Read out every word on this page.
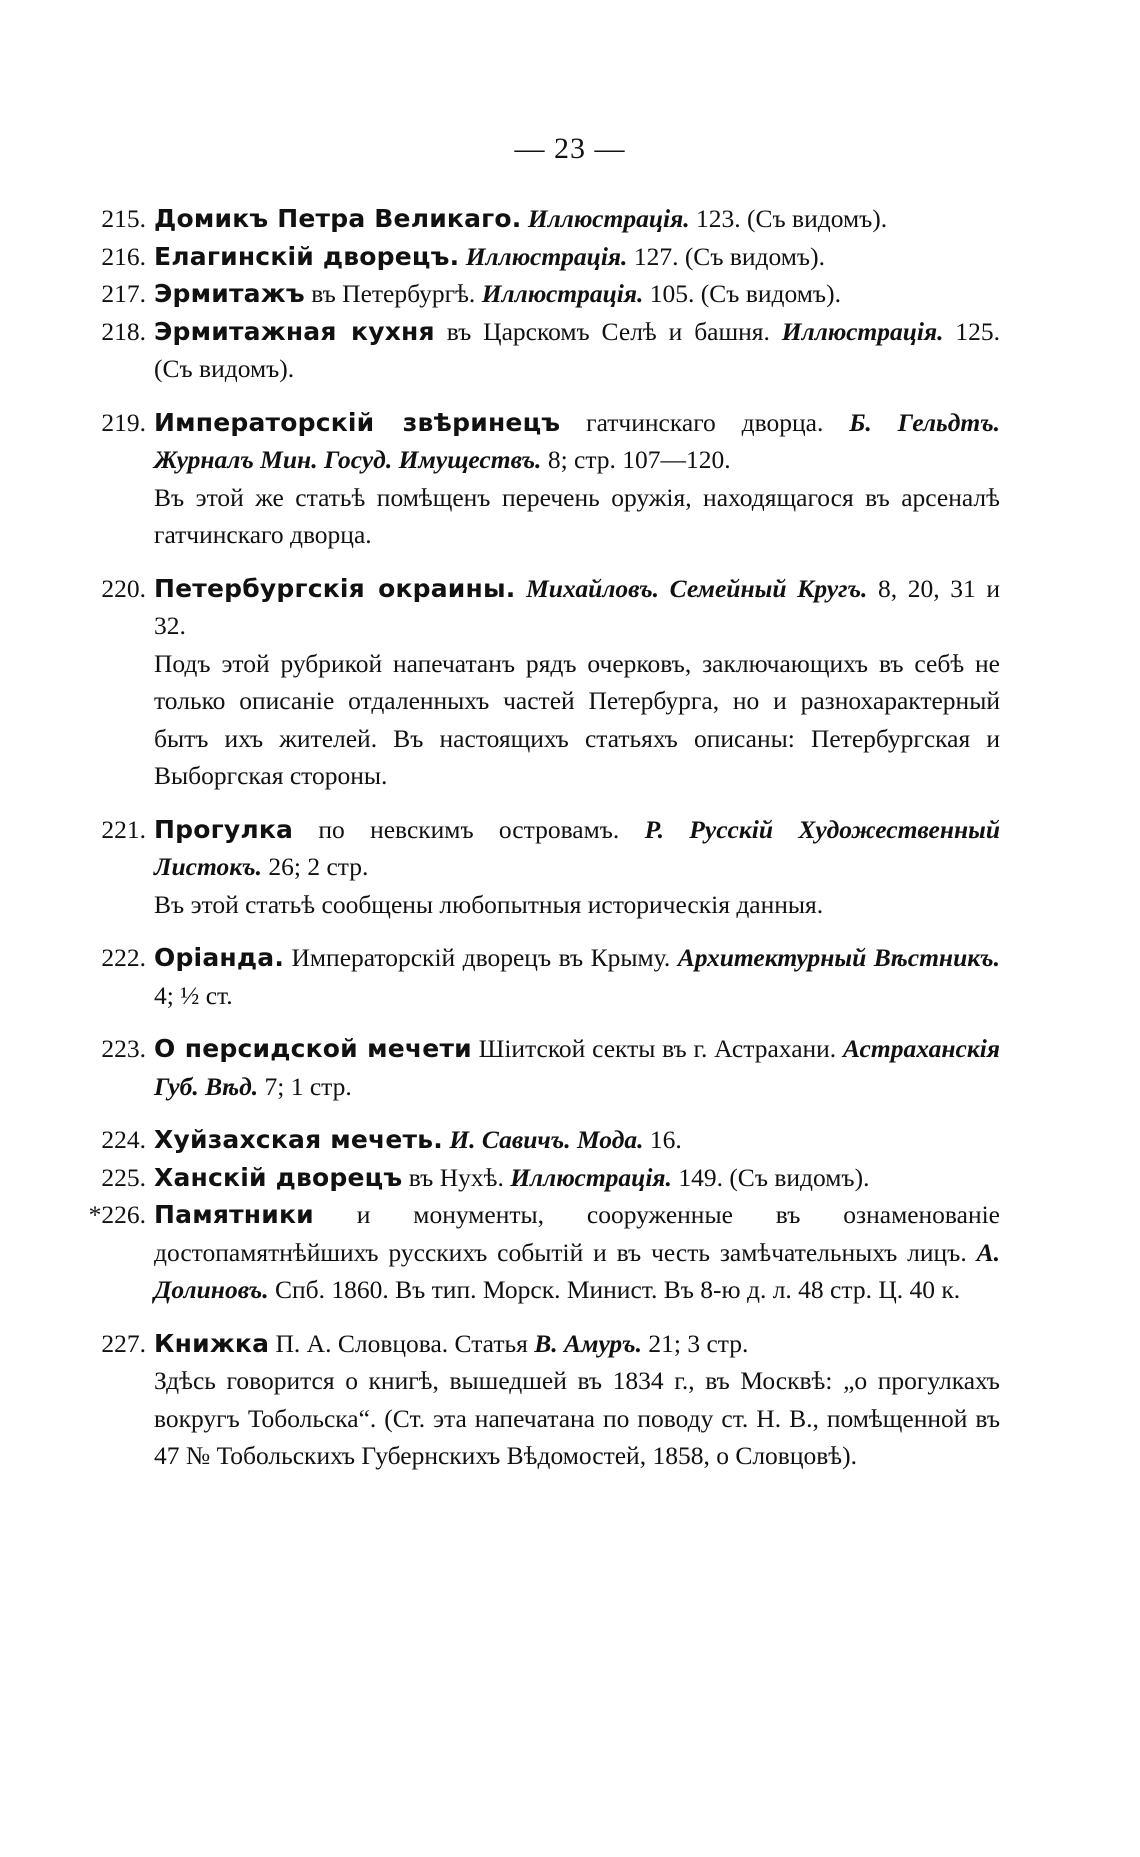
— 23 —
215. Домикъ Петра Великаго. Иллюстрація. 123. (Съ видомъ).

216. Елагинскій дворецъ. Иллюстрація. 127. (Съ видомъ).

217. Эрмитажъ въ Петербургѣ. Иллюстрація. 105. (Съ видомъ).

218. Эрмитажная кухня въ Царскомъ Селѣ и башня. Иллюстрація. 125. (Съ видомъ).

219. Императорскій звѣринецъ гатчинскаго дворца. Б. Гельдтъ. Журналъ Мин. Госуд. Имуществъ. 8; стр. 107—120.

Въ этой же статьѣ помѣщенъ перечень оружія, находящагося въ арсеналѣ гатчинскаго дворца.

220. Петербургскія окраины. Михайловъ. Семейный Кругъ. 8, 20, 31 и 32.

Подъ этой рубрикой напечатанъ рядъ очерковъ, заключающихъ въ себѣ не только описаніе отдаленныхъ частей Петербурга, но и разнохарактерный бытъ ихъ жителей. Въ настоящихъ статьяхъ описаны: Петербургская и Выборгская стороны.

221. Прогулка по невскимъ островамъ. Р. Русскій Художественный Листокъ. 26; 2 стр.

Въ этой статьѣ сообщены любопытныя историческія данныя.

222. Оріанда. Императорскій дворецъ въ Крыму. Архитектурный Вѣстникъ. 4; ½ ст.

223. О персидской мечети Шіитской секты въ г. Астрахани. Астраханскія Губ. Вѣд. 7; 1 стр.

224. Хуйзахская мечеть. И. Савичъ. Мода. 16.

225. Ханскій дворецъ въ Нухѣ. Иллюстрація. 149. (Съ видомъ).

*226. Памятники и монументы, сооруженные въ ознаменованіе достопамятнѣйшихъ русскихъ событій и въ честь замѣчательныхъ лицъ. А. Долиновъ. Спб. 1860. Въ тип. Морск. Минист. Въ 8-ю д. л. 48 стр. Ц. 40 к.

227. Книжка П. А. Словцова. Статья В. Амуръ. 21; 3 стр.

Здѣсь говорится о книгѣ, вышедшей въ 1834 г., въ Москвѣ: „о прогулкахъ вокругъ Тобольска“. (Ст. эта напечатана по поводу ст. Н. В., помѣщенной въ 47 № Тобольскихъ Губернскихъ Вѣдомостей, 1858, о Словцовѣ).
